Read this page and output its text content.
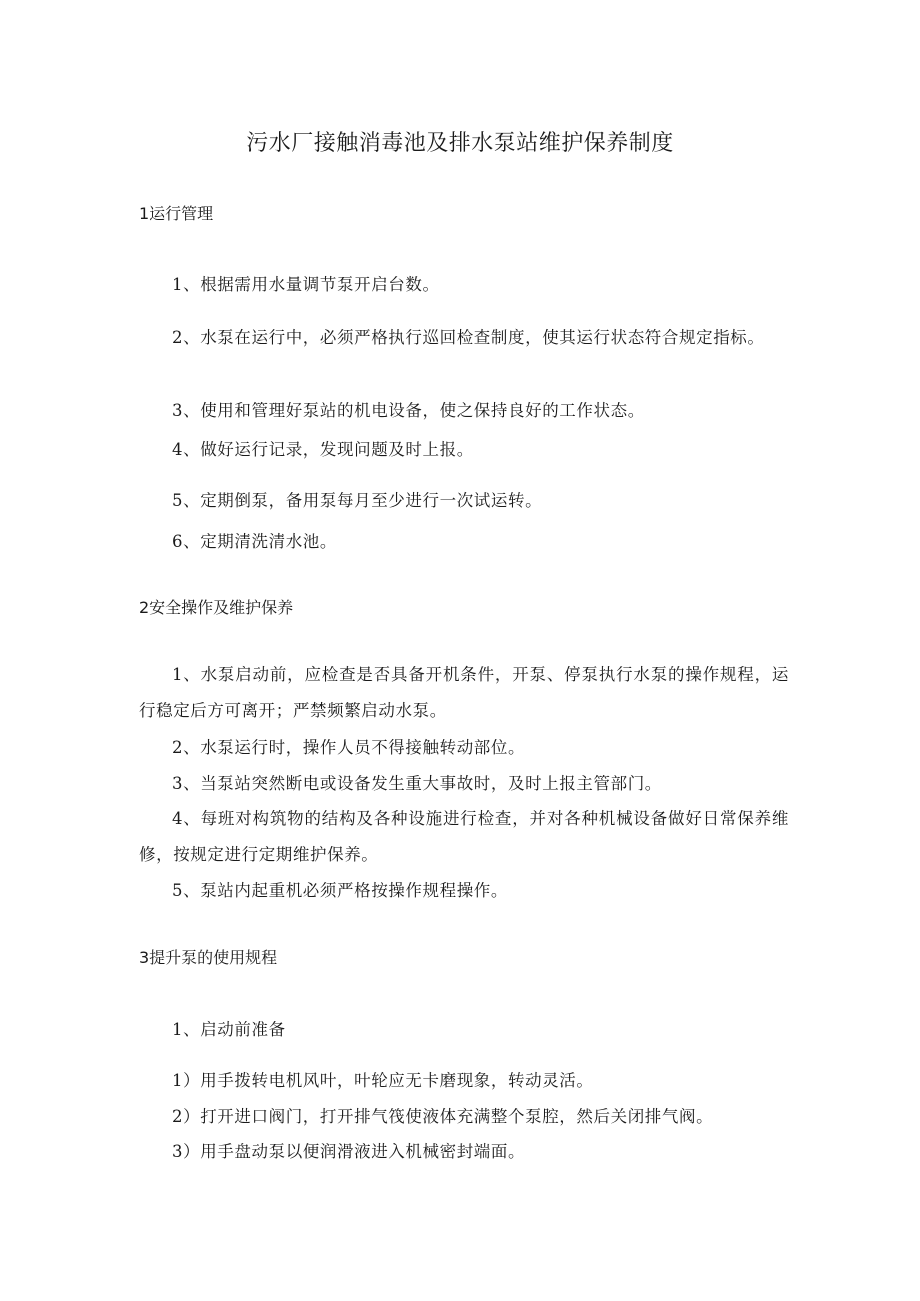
污水厂接触消毒池及排水泵站维护保养制度
1运行管理

1、根据需用水量调节泵开启台数。

2、水泵在运行中，必须严格执行巡回检查制度，使其运行状态符合规定指标。

3、使用和管理好泵站的机电设备，使之保持良好的工作状态。

4、做好运行记录，发现问题及时上报。

5、定期倒泵，备用泵每月至少进行一次试运转。

6、定期清洗清水池。

2安全操作及维护保养

1、水泵启动前，应检查是否具备开机条件，开泵、停泵执行水泵的操作规程，运行稳定后方可离开；严禁频繁启动水泵。

2、水泵运行时，操作人员不得接触转动部位。

3、当泵站突然断电或设备发生重大事故时，及时上报主管部门。

4、每班对构筑物的结构及各种设施进行检查，并对各种机械设备做好日常保养维修，按规定进行定期维护保养。

5、泵站内起重机必须严格按操作规程操作。

3提升泵的使用规程

1、启动前准备

1）用手拨转电机风叶，叶轮应无卡磨现象，转动灵活。

2）打开进口阀门，打开排气筏使液体充满整个泵腔，然后关闭排气阀。

3）用手盘动泵以便润滑液进入机械密封端面。
